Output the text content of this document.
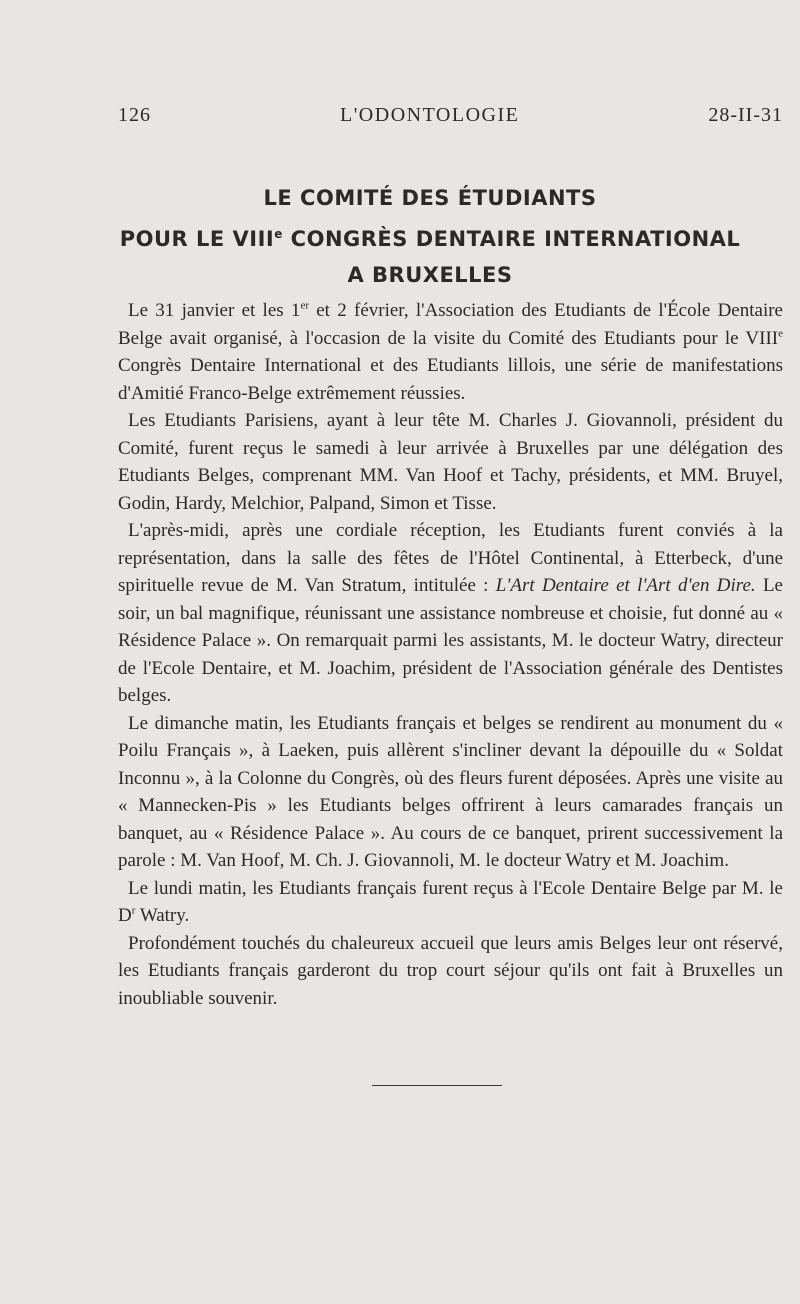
126	L'ODONTOLOGIE	28-II-31
LE COMITÉ DES ÉTUDIANTS
POUR LE VIIIe CONGRÈS DENTAIRE INTERNATIONAL
A BRUXELLES

Le 31 janvier et les 1er et 2 février, l'Association des Etudiants de l'École Dentaire Belge avait organisé, à l'occasion de la visite du Comité des Etudiants pour le VIIIe Congrès Dentaire International et des Etudiants lillois, une série de manifestations d'Amitié Franco-Belge extrêmement réussies.

Les Etudiants Parisiens, ayant à leur tête M. Charles J. Giovannoli, président du Comité, furent reçus le samedi à leur arrivée à Bruxelles par une délégation des Etudiants Belges, comprenant MM. Van Hoof et Tachy, présidents, et MM. Bruyel, Godin, Hardy, Melchior, Palpand, Simon et Tisse.

L'après-midi, après une cordiale réception, les Etudiants furent conviés à la représentation, dans la salle des fêtes de l'Hôtel Continental, à Etterbeck, d'une spirituelle revue de M. Van Stratum, intitulée : L'Art Dentaire et l'Art d'en Dire. Le soir, un bal magnifique, réunissant une assistance nombreuse et choisie, fut donné au « Résidence Palace ». On remarquait parmi les assistants, M. le docteur Watry, directeur de l'Ecole Dentaire, et M. Joachim, président de l'Association générale des Dentistes belges.

Le dimanche matin, les Etudiants français et belges se rendirent au monument du « Poilu Français », à Laeken, puis allèrent s'incliner devant la dépouille du « Soldat Inconnu », à la Colonne du Congrès, où des fleurs furent déposées. Après une visite au « Mannecken-Pis » les Etudiants belges offrirent à leurs camarades français un banquet, au « Résidence Palace ». Au cours de ce banquet, prirent successivement la parole : M. Van Hoof, M. Ch. J. Giovannoli, M. le docteur Watry et M. Joachim.

Le lundi matin, les Etudiants français furent reçus à l'Ecole Dentaire Belge par M. le $D^r$ Watry.

Profondément touchés du chaleureux accueil que leurs amis Belges leur ont réservé, les Etudiants français garderont du trop court séjour qu'ils ont fait à Bruxelles un inoubliable souvenir.
